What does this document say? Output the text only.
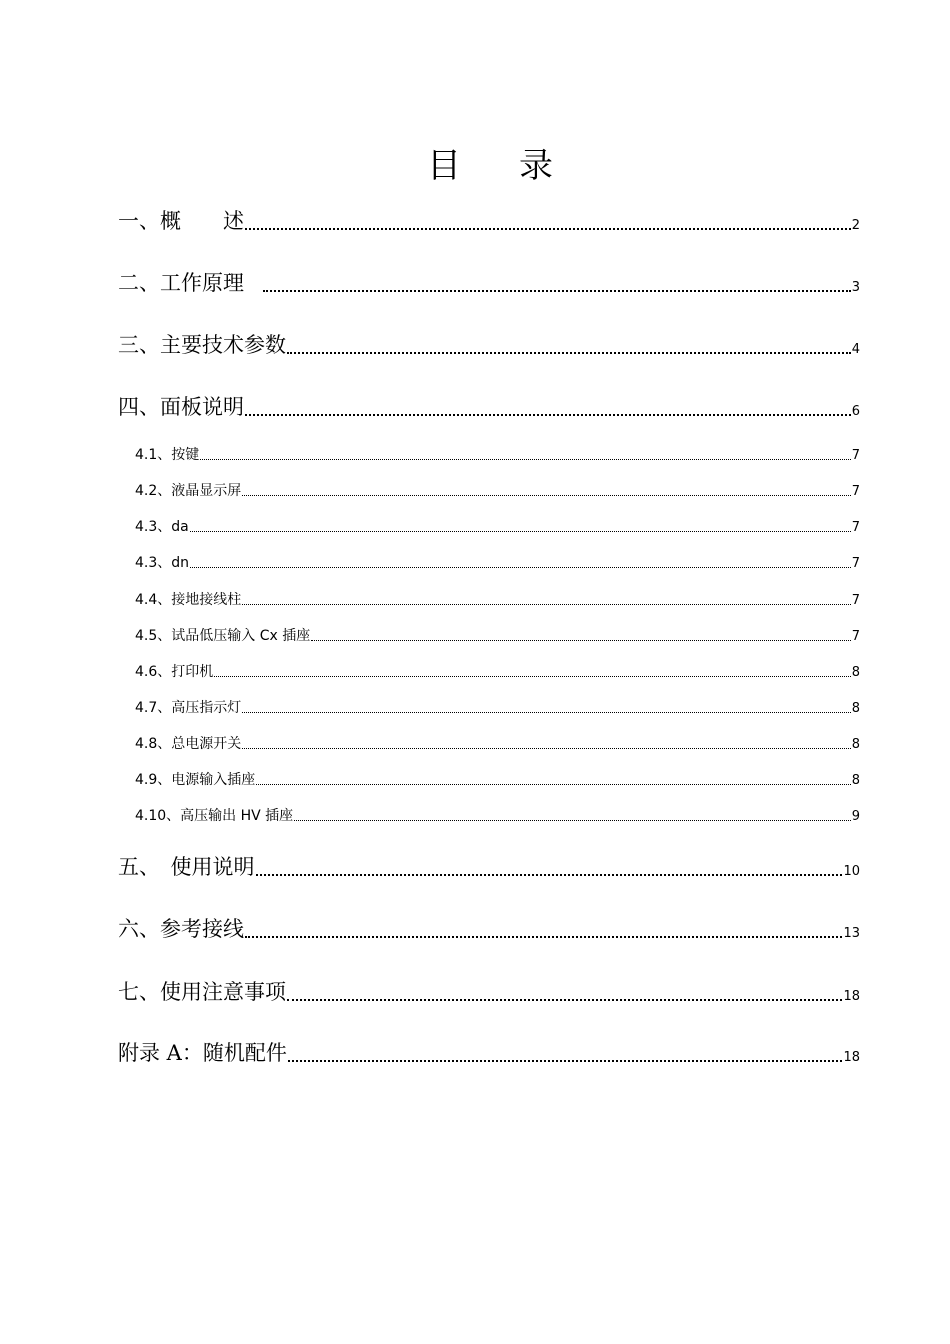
目 录
一、概　　述	2
二、工作原理	3
三、主要技术参数	4
四、面板说明	6
4.1、按键	7
4.2、液晶显示屏	7
4.3、da	7
4.3、dn	7
4.4、接地接线柱	7
4.5、试品低压输入 Cx 插座	7
4.6、打印机	8
4.7、高压指示灯	8
4.8、总电源开关	8
4.9、电源输入插座	8
4.10、高压输出 HV 插座	9
五、　使用说明	10
六、参考接线	13
七、使用注意事项	18
附录 A：随机配件	18
